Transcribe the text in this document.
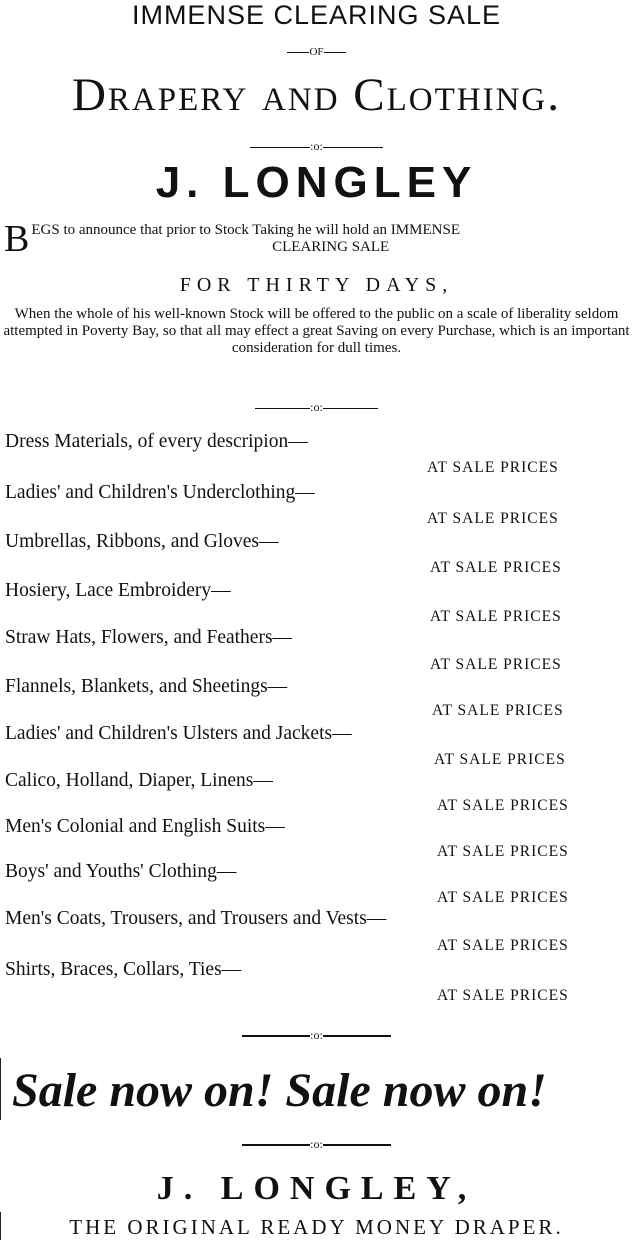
IMMENSE CLEARING SALE
OF
Drapery and Clothing.
:o:
J. LONGLEY
B EGS to announce that prior to Stock Taking he will hold an IMMENSE
CLEARING SALE
FOR THIRTY DAYS,
When the whole of his well-known Stock will be offered to the public on a scale of liberality seldom attempted in Poverty Bay, so that all may effect a great Saving on every Purchase, which is an important consideration for dull times.
:o:
Dress Materials, of every descripion—
AT SALE PRICES
Ladies' and Children's Underclothing—
AT SALE PRICES
Umbrellas, Ribbons, and Gloves—
AT SALE PRICES
Hosiery, Lace Embroidery—
AT SALE PRICES
Straw Hats, Flowers, and Feathers—
AT SALE PRICES
Flannels, Blankets, and Sheetings—
AT SALE PRICES
Ladies' and Children's Ulsters and Jackets—
AT SALE PRICES
Calico, Holland, Diaper, Linens—
AT SALE PRICES
Men's Colonial and English Suits—
AT SALE PRICES
Boys' and Youths' Clothing—
AT SALE PRICES
Men's Coats, Trousers, and Trousers and Vests—
AT SALE PRICES
Shirts, Braces, Collars, Ties—
AT SALE PRICES
:o:
Sale now on! Sale now on!
:o:
J. LONGLEY,
THE ORIGINAL READY MONEY DRAPER.
